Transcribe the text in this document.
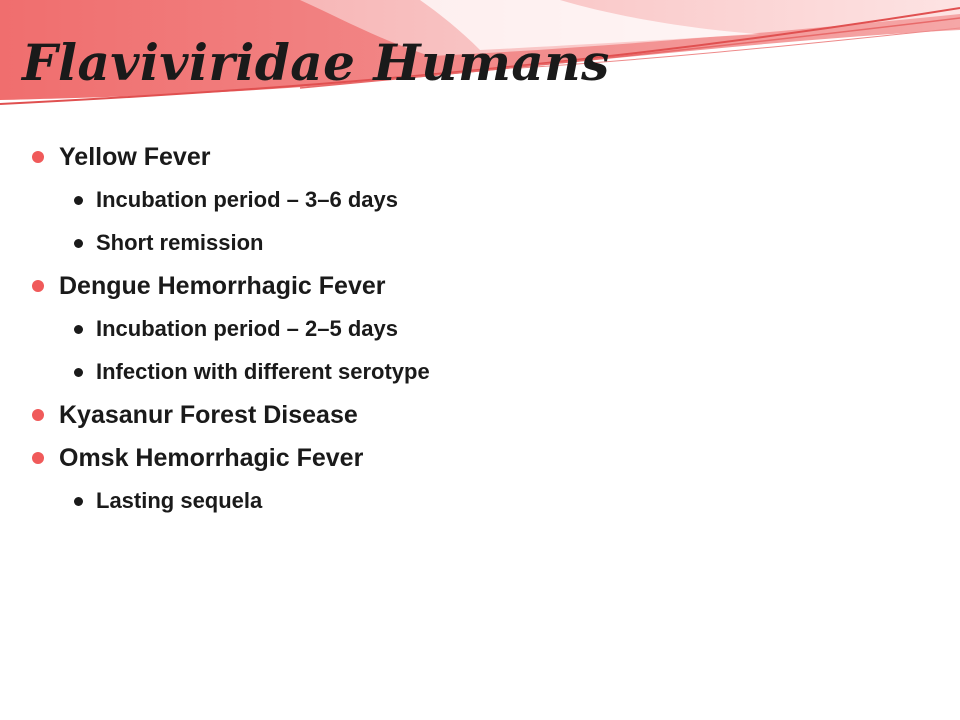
Flaviviridae Humans
Yellow Fever
Incubation period – 3–6 days
Short remission
Dengue Hemorrhagic Fever
Incubation period – 2–5 days
Infection with different serotype
Kyasanur Forest Disease
Omsk Hemorrhagic Fever
Lasting sequela
